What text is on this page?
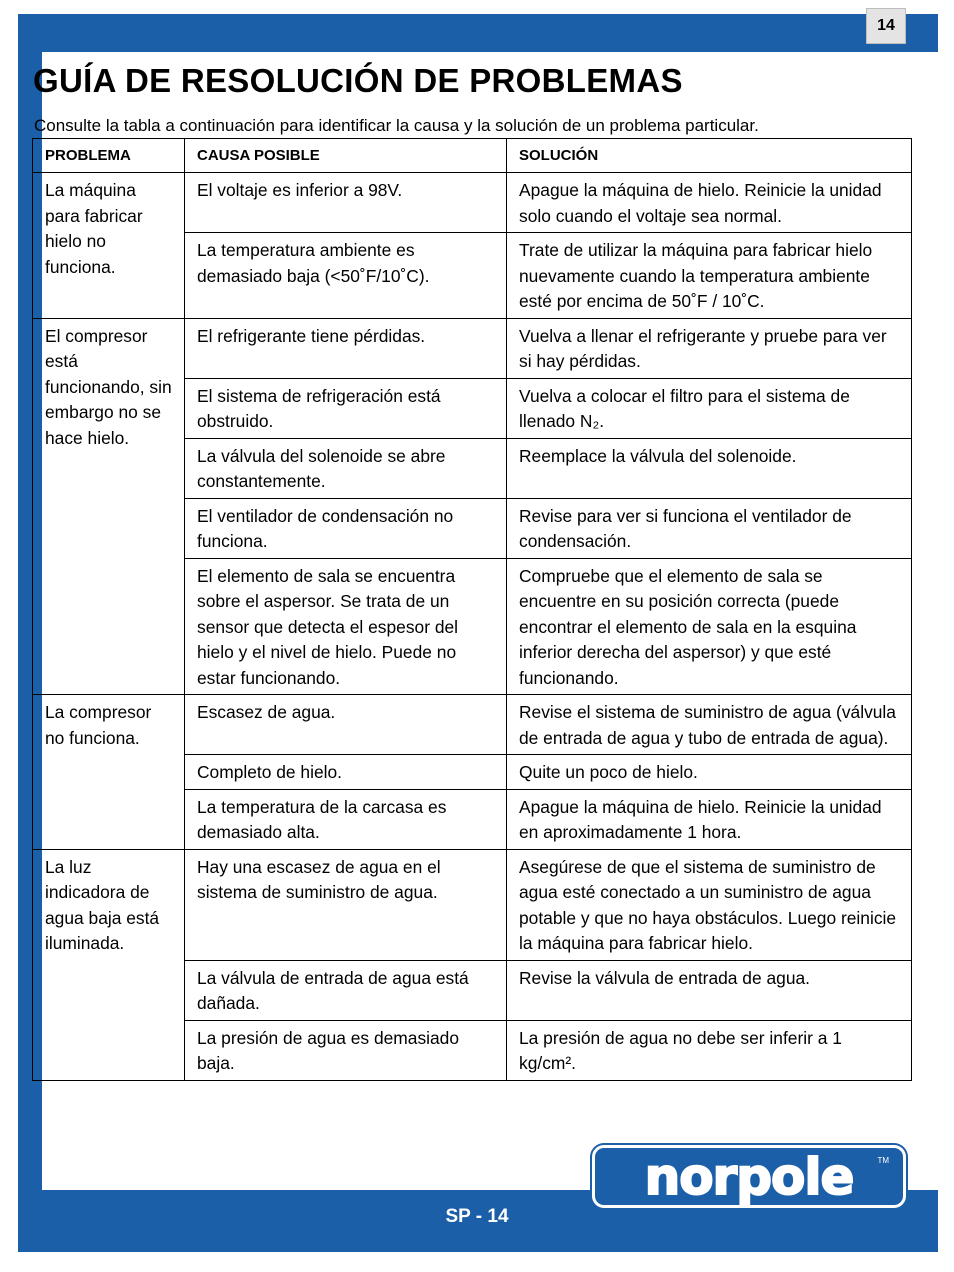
14
GUÍA DE RESOLUCIÓN DE PROBLEMAS

Consulte la tabla a continuación para identificar la causa y la solución de un problema particular.

PROBLEMA	CAUSA POSIBLE	SOLUCIÓN
La máquina para fabricar hielo no funciona.	El voltaje es inferior a 98V.	Apague la máquina de hielo. Reinicie la unidad solo cuando el voltaje sea normal.
	La temperatura ambiente es demasiado baja (<50˚F/10˚C).	Trate de utilizar la máquina para fabricar hielo nuevamente cuando la temperatura ambiente esté por encima de 50˚F / 10˚C.
El compresor está funcionando, sin embargo no se hace hielo.	El refrigerante tiene pérdidas.	Vuelva a llenar el refrigerante y pruebe para ver si hay pérdidas.
	El sistema de refrigeración está obstruido.	Vuelva a colocar el filtro para el sistema de llenado N₂.
	La válvula del solenoide se abre constantemente.	Reemplace la válvula del solenoide.
	El ventilador de condensación no funciona.	Revise para ver si funciona el ventilador de condensación.
	El elemento de sala se encuentra sobre el aspersor. Se trata de un sensor que detecta el espesor del hielo y el nivel de hielo. Puede no estar funcionando.	Compruebe que el elemento de sala se encuentre en su posición correcta (puede encontrar el elemento de sala en la esquina inferior derecha del aspersor) y que esté funcionando.
La compresor no funciona.	Escasez de agua.	Revise el sistema de suministro de agua (válvula de entrada de agua y tubo de entrada de agua).
	Completo de hielo.	Quite un poco de hielo.
	La temperatura de la carcasa es demasiado alta.	Apague la máquina de hielo. Reinicie la unidad en aproximadamente 1 hora.
La luz indicadora de agua baja está iluminada.	Hay una escasez de agua en el sistema de suministro de agua.	Asegúrese de que el sistema de suministro de agua esté conectado a un suministro de agua potable y que no haya obstáculos. Luego reinicie la máquina para fabricar hielo.
	La válvula de entrada de agua está dañada.	Revise la válvula de entrada de agua.
	La presión de agua es demasiado baja.	La presión de agua no debe ser inferir a 1 kg/cm².
norpole	TM
SP - 14
